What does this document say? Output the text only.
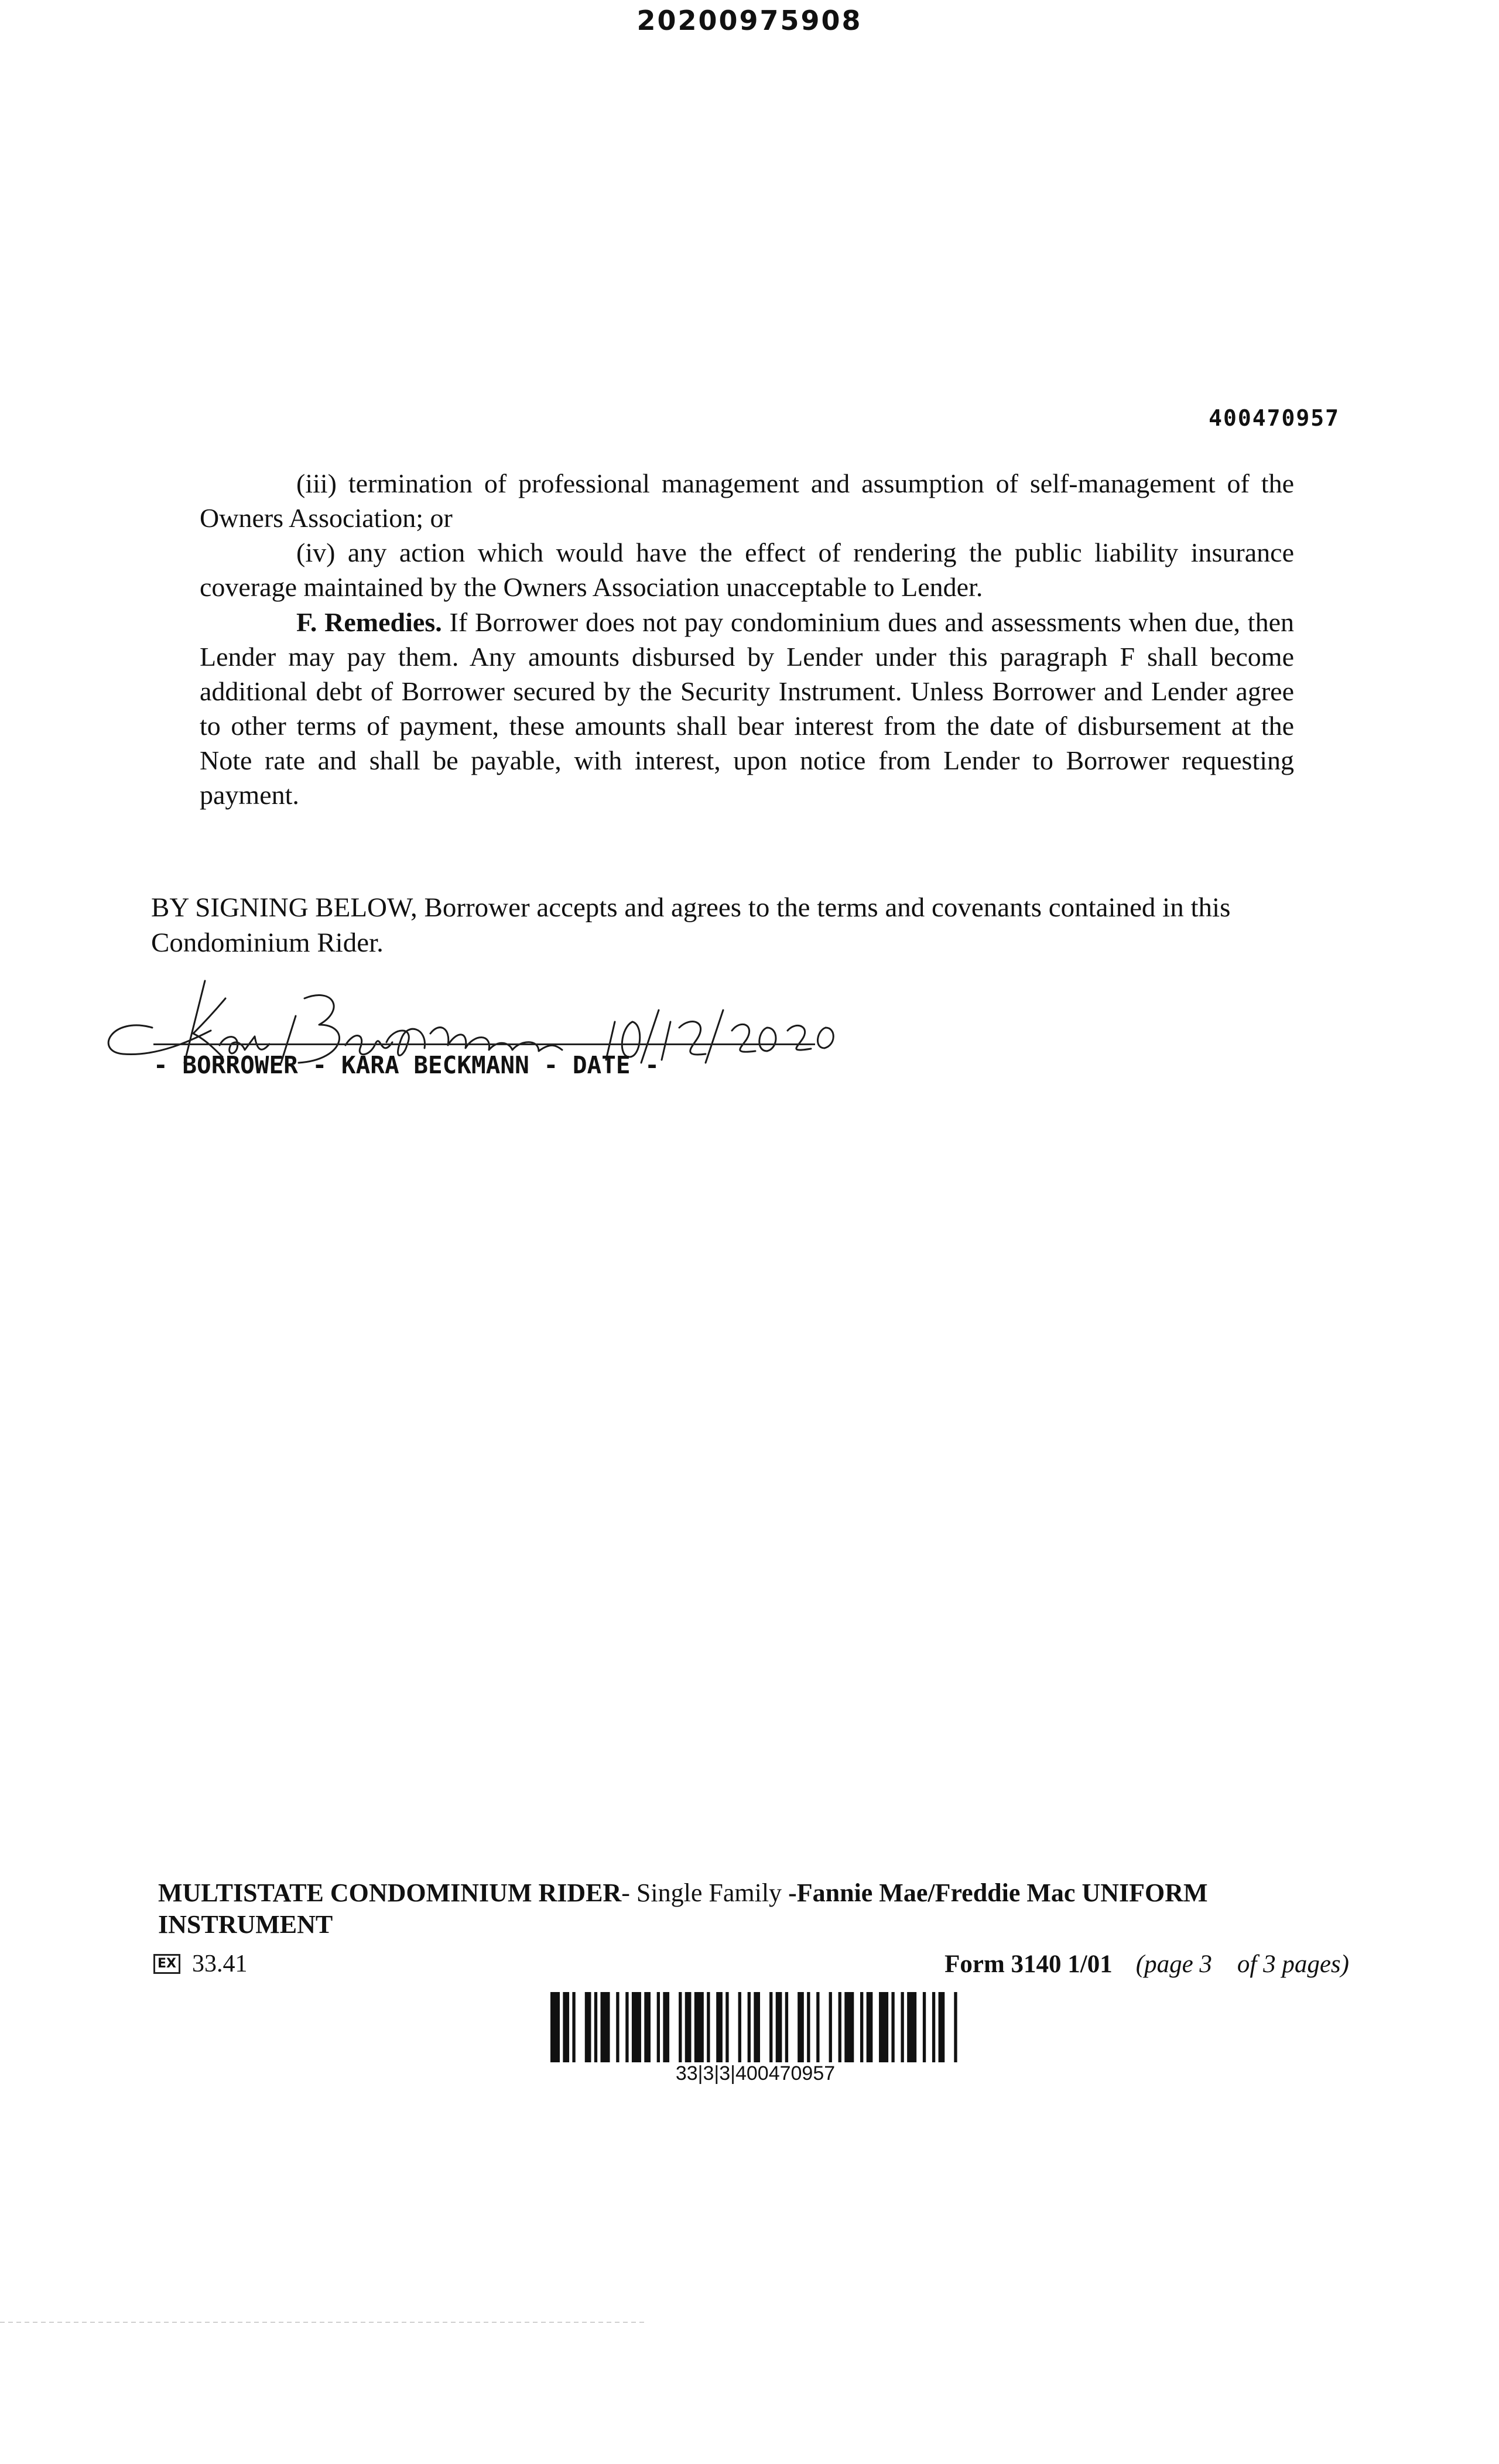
20200975908
400470957

(iii) termination of professional management and assumption of self-management of the Owners Association; or

(iv) any action which would have the effect of rendering the public liability insurance coverage maintained by the Owners Association unacceptable to Lender.

F. Remedies. If Borrower does not pay condominium dues and assessments when due, then Lender may pay them. Any amounts disbursed by Lender under this paragraph F shall become additional debt of Borrower secured by the Security Instrument. Unless Borrower and Lender agree to other terms of payment, these amounts shall bear interest from the date of disbursement at the Note rate and shall be payable, with interest, upon notice from Lender to Borrower requesting payment.

BY SIGNING BELOW, Borrower accepts and agrees to the terms and covenants contained in this Condominium Rider.
- BORROWER - KARA BECKMANN - DATE -
MULTISTATE CONDOMINIUM RIDER- Single Family -Fannie Mae/Freddie Mac UNIFORM INSTRUMENT
EX 33.41	Form 3140 1/01 (page 3    of 3 pages)
33|3|3|400470957
